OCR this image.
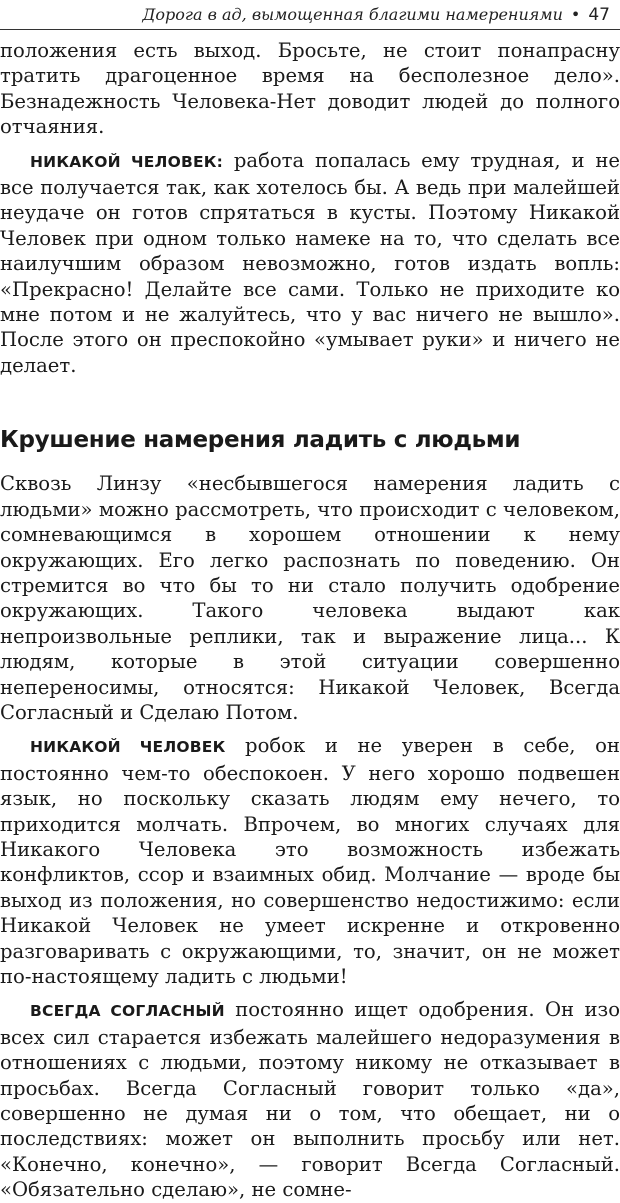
Дорога в ад, вымощенная благими намерениями • 47

положения есть выход. Бросьте, не стоит понапрасну тратить драгоценное время на бесполезное дело». Безнадежность Человека-Нет доводит людей до полного отчаяния.

НИКАКОЙ ЧЕЛОВЕК: работа попалась ему трудная, и не все получается так, как хотелось бы. А ведь при малейшей неудаче он готов спрятаться в кусты. Поэтому Никакой Человек при одном только намеке на то, что сделать все наилучшим образом невозможно, готов издать вопль: «Прекрасно! Делайте все сами. Только не приходите ко мне потом и не жалуйтесь, что у вас ничего не вышло». После этого он преспокойно «умывает руки» и ничего не делает.

Крушение намерения ладить с людьми

Сквозь Линзу «несбывшегося намерения ладить с людьми» можно рассмотреть, что происходит с человеком, сомневающимся в хорошем отношении к нему окружающих. Его легко распознать по поведению. Он стремится во что бы то ни стало получить одобрение окружающих. Такого человека выдают как непроизвольные реплики, так и выражение лица... К людям, которые в этой ситуации совершенно непереносимы, относятся: Никакой Человек, Всегда Согласный и Сделаю Потом.

НИКАКОЙ ЧЕЛОВЕК робок и не уверен в себе, он постоянно чем-то обеспокоен. У него хорошо подвешен язык, но поскольку сказать людям ему нечего, то приходится молчать. Впрочем, во многих случаях для Никакого Человека это возможность избежать конфликтов, ссор и взаимных обид. Молчание — вроде бы выход из положения, но совершенство недостижимо: если Никакой Человек не умеет искренне и откровенно разговаривать с окружающими, то, значит, он не может по-настоящему ладить с людьми!

ВСЕГДА СОГЛАСНЫЙ постоянно ищет одобрения. Он изо всех сил старается избежать малейшего недоразумения в отношениях с людьми, поэтому никому не отказывает в просьбах. Всегда Согласный говорит только «да», совершенно не думая ни о том, что обещает, ни о последствиях: может он выполнить просьбу или нет. «Конечно, конечно», — говорит Всегда Согласный. «Обязательно сделаю», не сомне-
